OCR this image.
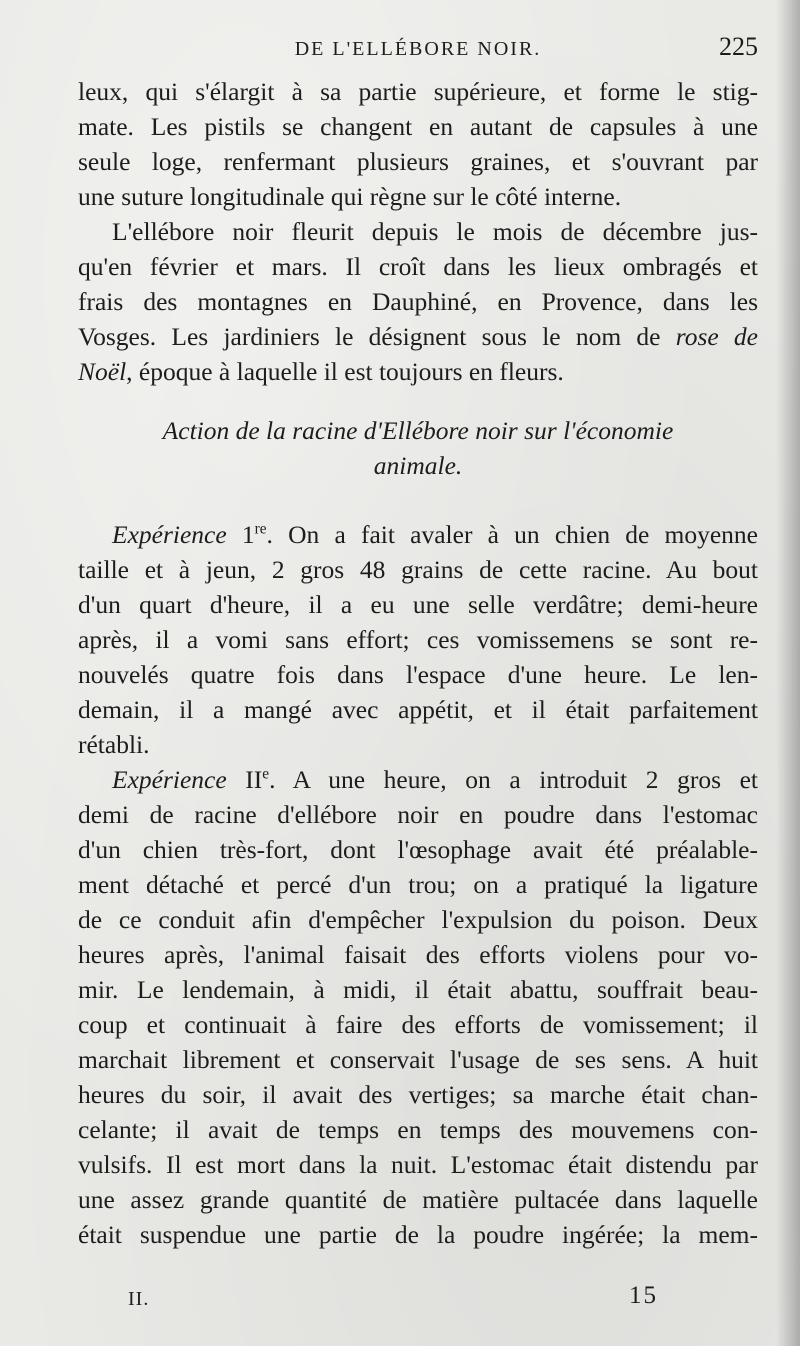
DE L'ELLÉBORE NOIR.	225
leux, qui s'élargit à sa partie supérieure, et forme le stig-
mate. Les pistils se changent en autant de capsules à une
seule loge, renfermant plusieurs graines, et s'ouvrant par
une suture longitudinale qui règne sur le côté interne.
L'ellébore noir fleurit depuis le mois de décembre jus-
qu'en février et mars. Il croît dans les lieux ombragés et
frais des montagnes en Dauphiné, en Provence, dans les
Vosges. Les jardiniers le désignent sous le nom de rose de
Noël, époque à laquelle il est toujours en fleurs.
Action de la racine d'Ellébore noir sur l'économie
animale.
Expérience 1re. On a fait avaler à un chien de moyenne
taille et à jeun, 2 gros 48 grains de cette racine. Au bout
d'un quart d'heure, il a eu une selle verdâtre; demi-heure
après, il a vomi sans effort; ces vomissemens se sont re-
nouvelés quatre fois dans l'espace d'une heure. Le len-
demain, il a mangé avec appétit, et il était parfaitement
rétabli.
Expérience IIe. A une heure, on a introduit 2 gros et
demi de racine d'ellébore noir en poudre dans l'estomac
d'un chien très-fort, dont l'œsophage avait été préalable-
ment détaché et percé d'un trou; on a pratiqué la ligature
de ce conduit afin d'empêcher l'expulsion du poison. Deux
heures après, l'animal faisait des efforts violens pour vo-
mir. Le lendemain, à midi, il était abattu, souffrait beau-
coup et continuait à faire des efforts de vomissement; il
marchait librement et conservait l'usage de ses sens. A huit
heures du soir, il avait des vertiges; sa marche était chan-
celante; il avait de temps en temps des mouvemens con-
vulsifs. Il est mort dans la nuit. L'estomac était distendu par
une assez grande quantité de matière pultacée dans laquelle
était suspendue une partie de la poudre ingérée; la mem-
II.	15
